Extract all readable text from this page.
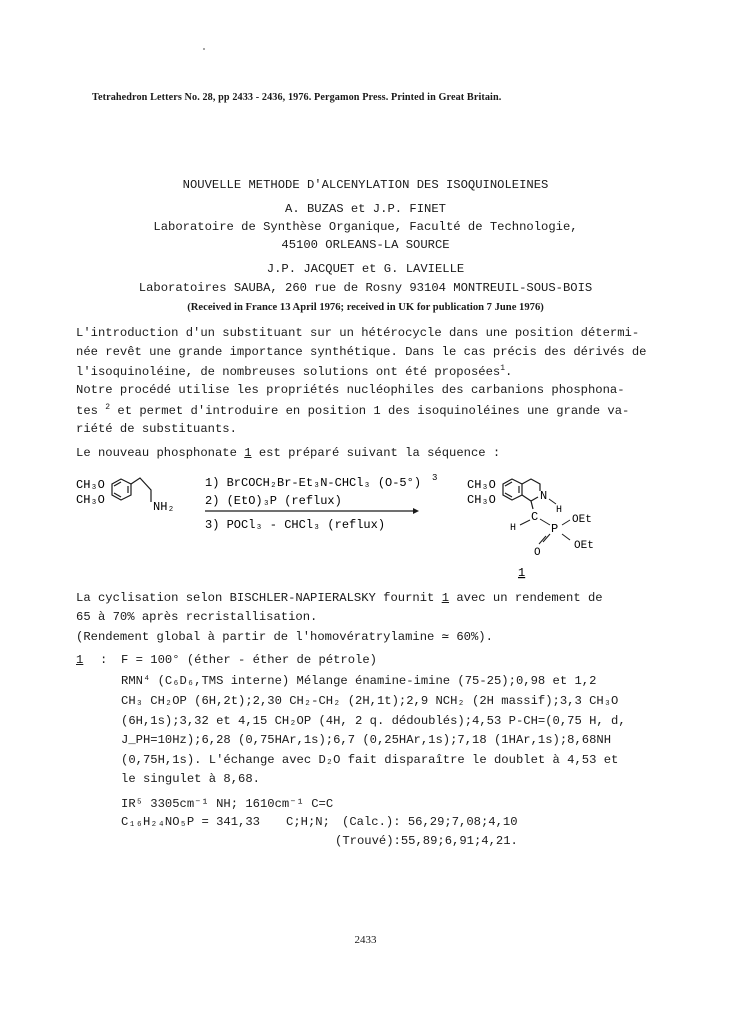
Tetrahedron Letters No. 28, pp 2433 - 2436, 1976. Pergamon Press. Printed in Great Britain.
NOUVELLE METHODE D'ALCENYLATION DES ISOQUINOLEINES
A. BUZAS et J.P. FINET
Laboratoire de Synthèse Organique, Faculté de Technologie,
45100 ORLEANS-LA SOURCE
J.P. JACQUET et G. LAVIELLE
Laboratoires SAUBA, 260 rue de Rosny 93104 MONTREUIL-SOUS-BOIS
(Received in France 13 April 1976; received in UK for publication 7 June 1976)
L'introduction d'un substituant sur un hétérocycle dans une position détermi-
née revêt une grande importance synthétique. Dans le cas précis des dérivés de
l'isoquinoléine, de nombreuses solutions ont été proposées$^1$.
Notre procédé utilise les propriétés nucléophiles des carbanions phosphona-
tes $^2$ et permet d'introduire en position 1 des isoquinoléines une grande va-
riété de substituants.
Le nouveau phosphonate 1 est préparé suivant la séquence :
CH₃O
CH₃O	NH₂
1) BrCOCH₂Br-Et₃N-CHCl₃ (O-5°) 3
2) (EtO)₃P (reflux)
3) POCl₃ - CHCl₃ (reflux)
CH₃O
CH₃O	N
H
C
H	P
OEt
OEt
O
1
La cyclisation selon BISCHLER-NAPIERALSKY fournit 1 avec un rendement de
65 à 70% après recristallisation.
(Rendement global à partir de l'homovératrylamine ≃ 60%).
1 : F = 100° (éther - éther de pétrole)
RMN⁴ (C₆D₆,TMS interne) Mélange énamine-imine (75-25);0,98 et 1,2
CH₃ CH₂OP (6H,2t);2,30 CH₂-CH₂ (2H,1t);2,9 NCH₂ (2H massif);3,3 CH₃O
(6H,1s);3,32 et 4,15 CH₂OP (4H, 2 q. dédoublés);4,53 P-CH=(0,75 H, d,
J_PH=10Hz);6,28 (0,75HAr,1s);6,7 (0,25HAr,1s);7,18 (1HAr,1s);8,68NH
(0,75H,1s). L'échange avec D₂O fait disparaître le doublet à 4,53 et
le singulet à 8,68.
IR⁵ 3305cm⁻¹ NH; 1610cm⁻¹ C=C
C₁₆H₂₄NO₅P = 341,33 C;H;N; (Calc.): 56,29;7,08;4,10
(Trouvé):55,89;6,91;4,21.
2433
